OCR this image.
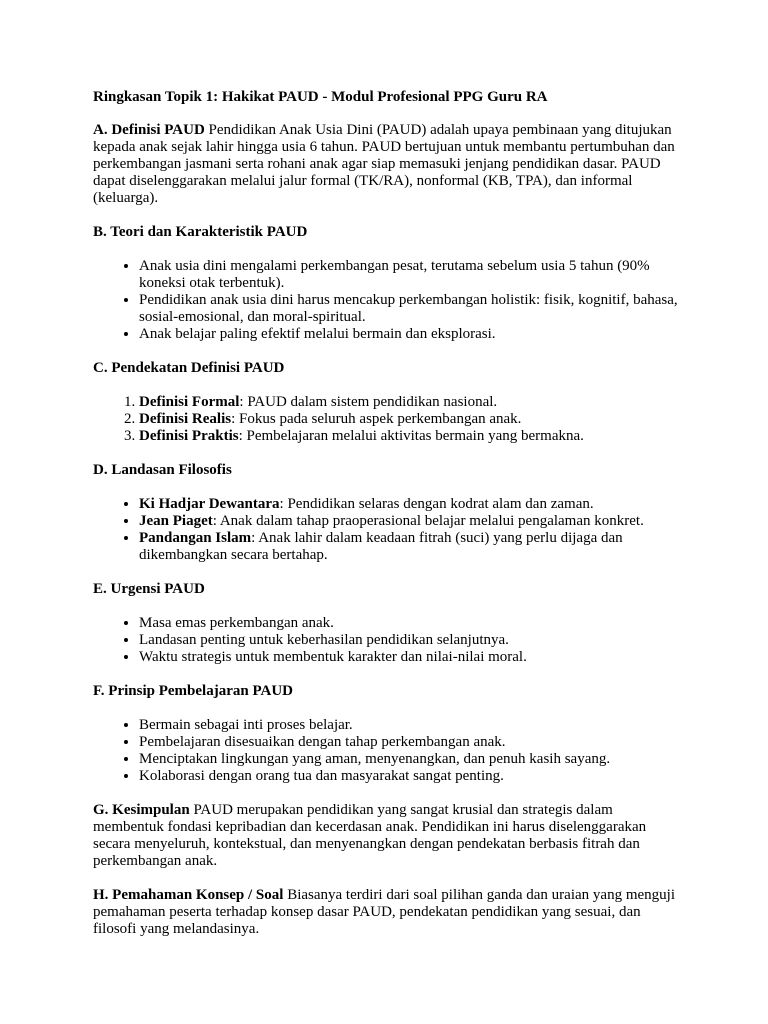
Ringkasan Topik 1: Hakikat PAUD - Modul Profesional PPG Guru RA

A. Definisi PAUD Pendidikan Anak Usia Dini (PAUD) adalah upaya pembinaan yang ditujukan kepada anak sejak lahir hingga usia 6 tahun. PAUD bertujuan untuk membantu pertumbuhan dan perkembangan jasmani serta rohani anak agar siap memasuki jenjang pendidikan dasar. PAUD dapat diselenggarakan melalui jalur formal (TK/RA), nonformal (KB, TPA), dan informal (keluarga).

B. Teori dan Karakteristik PAUD

• Anak usia dini mengalami perkembangan pesat, terutama sebelum usia 5 tahun (90% koneksi otak terbentuk).
• Pendidikan anak usia dini harus mencakup perkembangan holistik: fisik, kognitif, bahasa, sosial-emosional, dan moral-spiritual.
• Anak belajar paling efektif melalui bermain dan eksplorasi.

C. Pendekatan Definisi PAUD

1. Definisi Formal: PAUD dalam sistem pendidikan nasional.
2. Definisi Realis: Fokus pada seluruh aspek perkembangan anak.
3. Definisi Praktis: Pembelajaran melalui aktivitas bermain yang bermakna.

D. Landasan Filosofis

• Ki Hadjar Dewantara: Pendidikan selaras dengan kodrat alam dan zaman.
• Jean Piaget: Anak dalam tahap praoperasional belajar melalui pengalaman konkret.
• Pandangan Islam: Anak lahir dalam keadaan fitrah (suci) yang perlu dijaga dan dikembangkan secara bertahap.

E. Urgensi PAUD

• Masa emas perkembangan anak.
• Landasan penting untuk keberhasilan pendidikan selanjutnya.
• Waktu strategis untuk membentuk karakter dan nilai-nilai moral.

F. Prinsip Pembelajaran PAUD

• Bermain sebagai inti proses belajar.
• Pembelajaran disesuaikan dengan tahap perkembangan anak.
• Menciptakan lingkungan yang aman, menyenangkan, dan penuh kasih sayang.
• Kolaborasi dengan orang tua dan masyarakat sangat penting.

G. Kesimpulan PAUD merupakan pendidikan yang sangat krusial dan strategis dalam membentuk fondasi kepribadian dan kecerdasan anak. Pendidikan ini harus diselenggarakan secara menyeluruh, kontekstual, dan menyenangkan dengan pendekatan berbasis fitrah dan perkembangan anak.

H. Pemahaman Konsep / Soal Biasanya terdiri dari soal pilihan ganda dan uraian yang menguji pemahaman peserta terhadap konsep dasar PAUD, pendekatan pendidikan yang sesuai, dan filosofi yang melandasinya.
